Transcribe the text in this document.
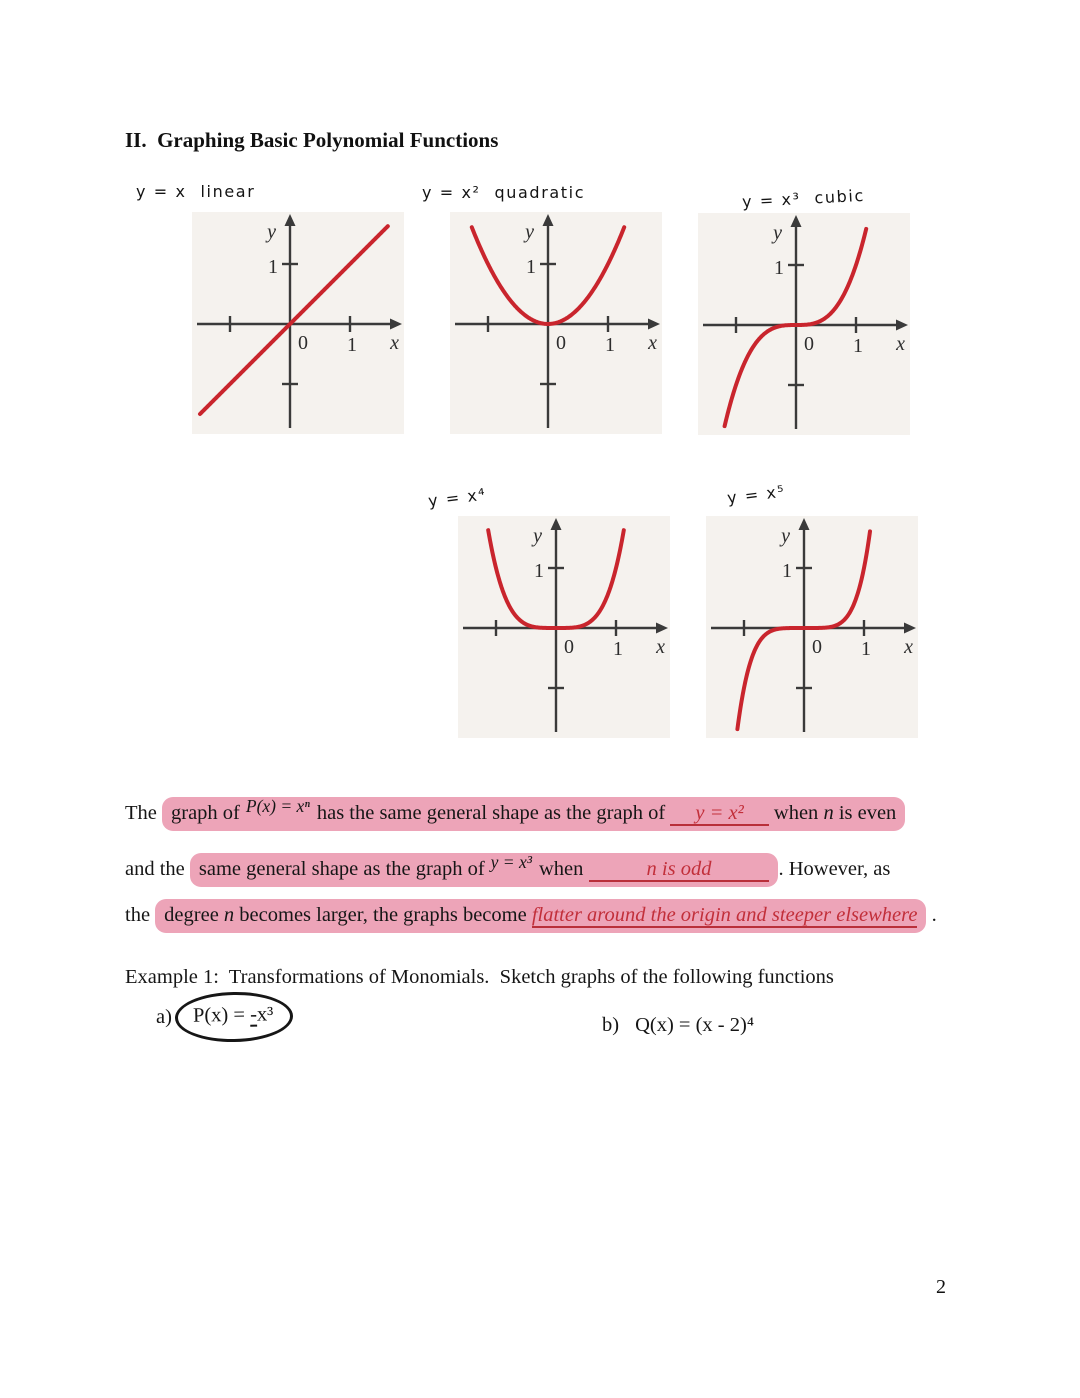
II.  Graphing Basic Polynomial Functions
y = x linear	y = x² quadratic	y = x³ cubic
y
x
0 1
1
y
x
0 1
1
y
x
0 1
1
y = x⁴	y = x⁵
y
x
0 1
1
y
x
0 1
1
The graph of P(x) = xⁿ has the same general shape as the graph of y = x² when n is even
and the same general shape as the graph of y = x³ when	n is odd	. However, as
the degree n becomes larger, the graphs become flatter around the origin and steeper elsewhere .
Example 1:  Transformations of Monomials.  Sketch graphs of the following functions
a)	P(x) = -x³	b) Q(x) = (x - 2)⁴
2
